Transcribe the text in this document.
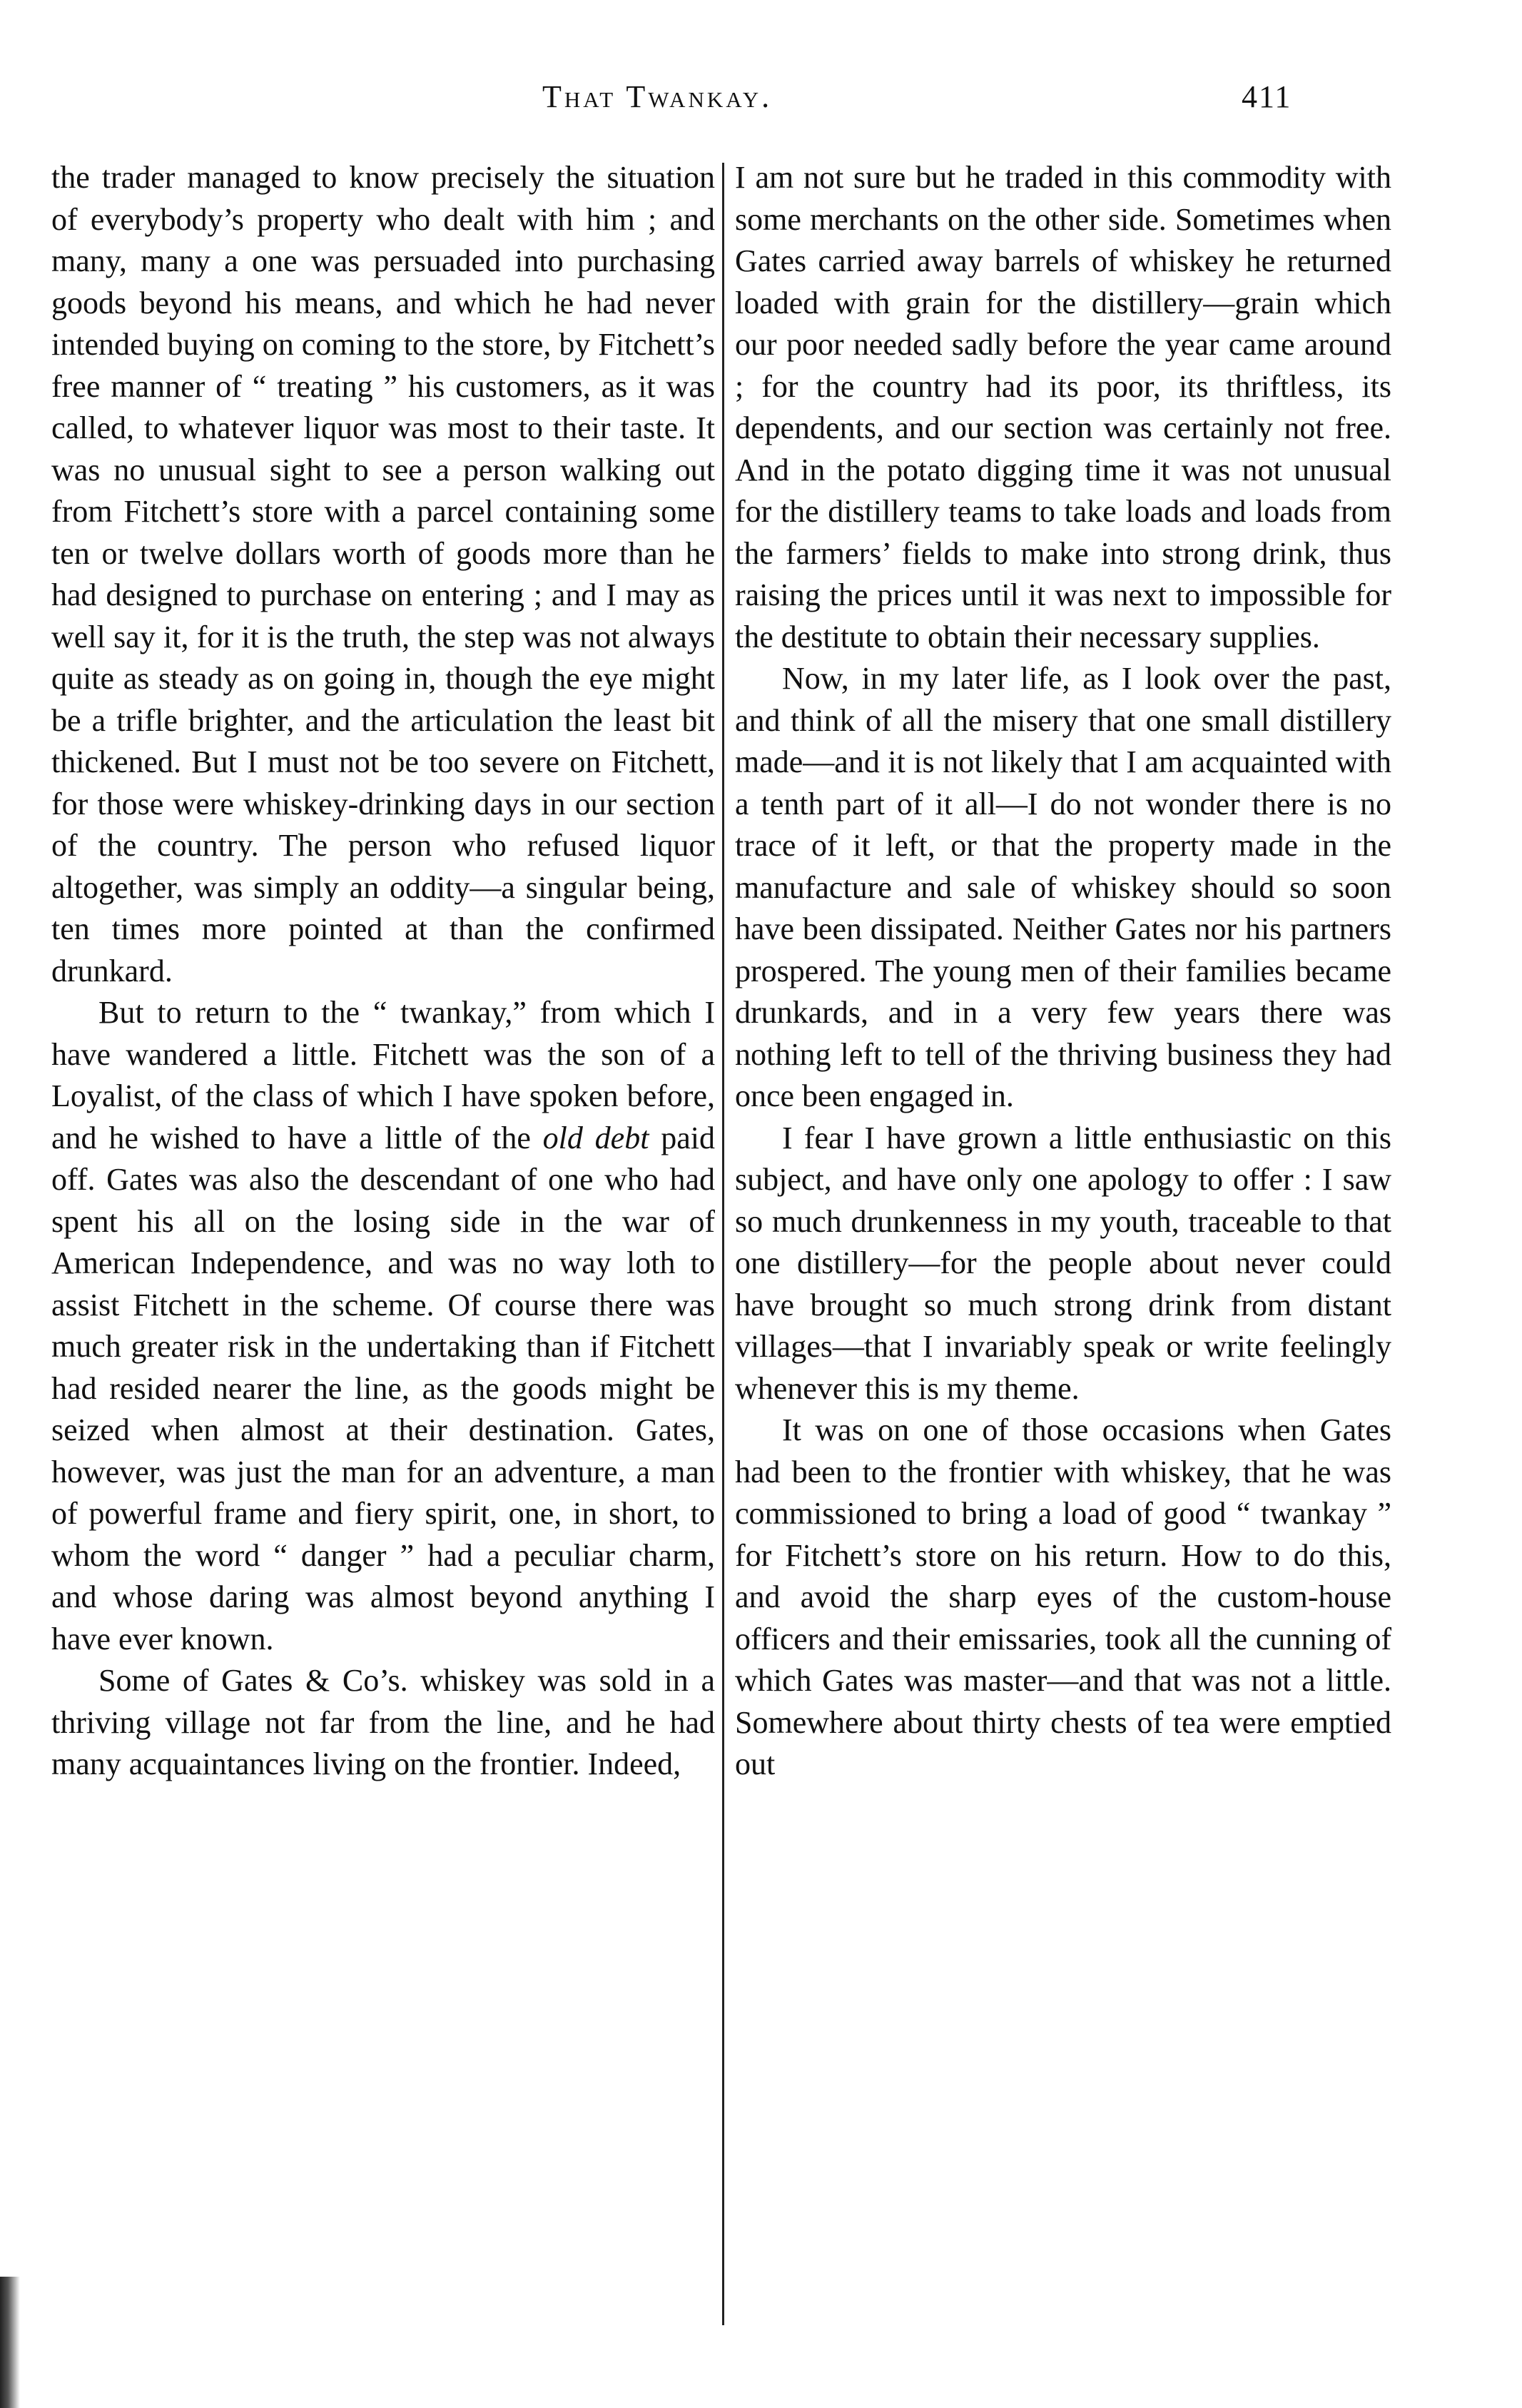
That Twankay.	411

the trader managed to know precisely the situation of everybody’s property who dealt with him ; and many, many a one was persuaded into purchasing goods beyond his means, and which he had never intended buying on coming to the store, by Fitchett’s free manner of “ treating ” his customers, as it was called, to whatever liquor was most to their taste. It was no unusual sight to see a person walking out from Fitchett’s store with a parcel containing some ten or twelve dollars worth of goods more than he had designed to purchase on entering ; and I may as well say it, for it is the truth, the step was not always quite as steady as on going in, though the eye might be a trifle brighter, and the articulation the least bit thickened. But I must not be too severe on Fitchett, for those were whiskey-drinking days in our section of the country. The person who refused liquor altogether, was simply an oddity—a singular being, ten times more pointed at than the confirmed drunkard.

But to return to the “ twankay,” from which I have wandered a little. Fitchett was the son of a Loyalist, of the class of which I have spoken before, and he wished to have a little of the old debt paid off. Gates was also the descendant of one who had spent his all on the losing side in the war of American Independence, and was no way loth to assist Fitchett in the scheme. Of course there was much greater risk in the undertaking than if Fitchett had resided nearer the line, as the goods might be seized when almost at their destination. Gates, however, was just the man for an adventure, a man of powerful frame and fiery spirit, one, in short, to whom the word “ danger ” had a peculiar charm, and whose daring was almost beyond anything I have ever known.

Some of Gates & Co’s. whiskey was sold in a thriving village not far from the line, and he had many acquaintances living on the frontier. Indeed,

I am not sure but he traded in this commodity with some merchants on the other side. Sometimes when Gates carried away barrels of whiskey he returned loaded with grain for the distillery—grain which our poor needed sadly before the year came around ; for the country had its poor, its thriftless, its dependents, and our section was certainly not free. And in the potato digging time it was not unusual for the distillery teams to take loads and loads from the farmers’ fields to make into strong drink, thus raising the prices until it was next to impossible for the destitute to obtain their necessary supplies.

Now, in my later life, as I look over the past, and think of all the misery that one small distillery made—and it is not likely that I am acquainted with a tenth part of it all—I do not wonder there is no trace of it left, or that the property made in the manufacture and sale of whiskey should so soon have been dissipated. Neither Gates nor his partners prospered. The young men of their families became drunkards, and in a very few years there was nothing left to tell of the thriving business they had once been engaged in.

I fear I have grown a little enthusiastic on this subject, and have only one apology to offer : I saw so much drunkenness in my youth, traceable to that one distillery—for the people about never could have brought so much strong drink from distant villages—that I invariably speak or write feelingly whenever this is my theme.

It was on one of those occasions when Gates had been to the frontier with whiskey, that he was commissioned to bring a load of good “ twankay ” for Fitchett’s store on his return. How to do this, and avoid the sharp eyes of the custom-house officers and their emissaries, took all the cunning of which Gates was master—and that was not a little. Somewhere about thirty chests of tea were emptied out
